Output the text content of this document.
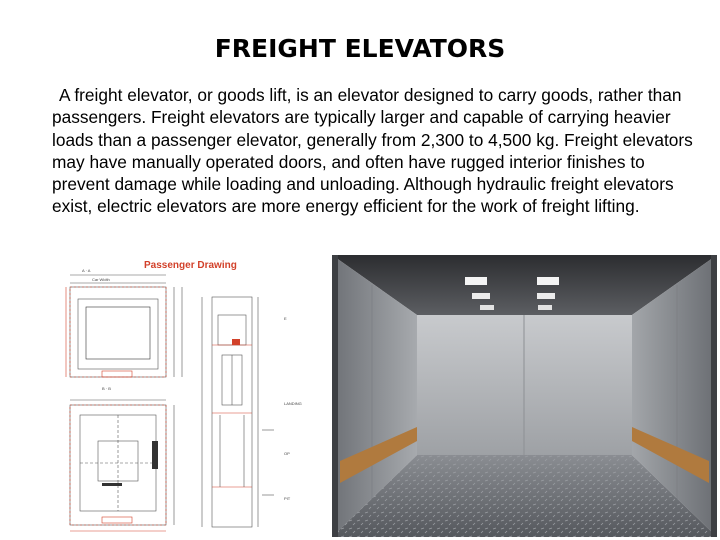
FREIGHT ELEVATORS

A freight elevator, or goods lift, is an elevator designed to carry goods, rather than passengers. Freight elevators are typically larger and capable of carrying heavier loads than a passenger elevator, generally from 2,300 to 4,500 kg. Freight elevators may have manually operated doors, and often have rugged interior finishes to prevent damage while loading and unloading. Although hydraulic freight elevators exist, electric elevators are more energy efficient for the work of freight lifting.

Passenger Drawing
A · A
Car Width
B · B
E
LANDING
OP
PIT
